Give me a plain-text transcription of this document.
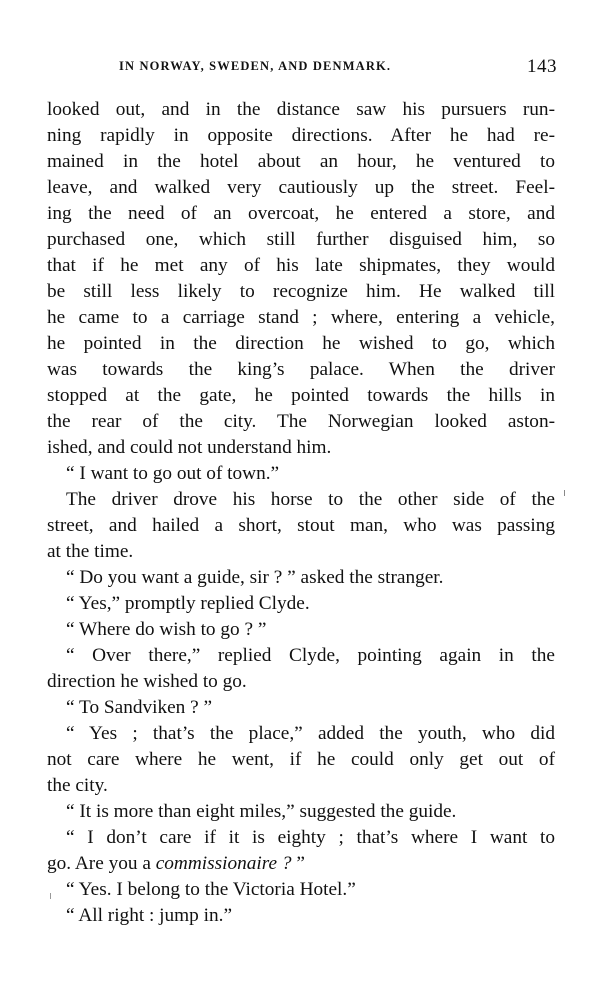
IN NORWAY, SWEDEN, AND DENMARK.	143

looked out, and in the distance saw his pursuers run-
ning rapidly in opposite directions. After he had re-
mained in the hotel about an hour, he ventured to
leave, and walked very cautiously up the street. Feel-
ing the need of an overcoat, he entered a store, and
purchased one, which still further disguised him, so
that if he met any of his late shipmates, they would
be still less likely to recognize him. He walked till
he came to a carriage stand ; where, entering a vehicle,
he pointed in the direction he wished to go, which
was towards the king’s palace. When the driver
stopped at the gate, he pointed towards the hills in
the rear of the city. The Norwegian looked aston-
ished, and could not understand him.

“ I want to go out of town.”

The driver drove his horse to the other side of the
street, and hailed a short, stout man, who was passing
at the time.

“ Do you want a guide, sir ? ” asked the stranger.

“ Yes,” promptly replied Clyde.

“ Where do wish to go ? ”

“ Over there,” replied Clyde, pointing again in the
direction he wished to go.

“ To Sandviken ? ”

“ Yes ; that’s the place,” added the youth, who did
not care where he went, if he could only get out of
the city.

“ It is more than eight miles,” suggested the guide.

“ I don’t care if it is eighty ; that’s where I want to
go. Are you a commissionaire ? ”

“ Yes. I belong to the Victoria Hotel.”

“ All right : jump in.”
